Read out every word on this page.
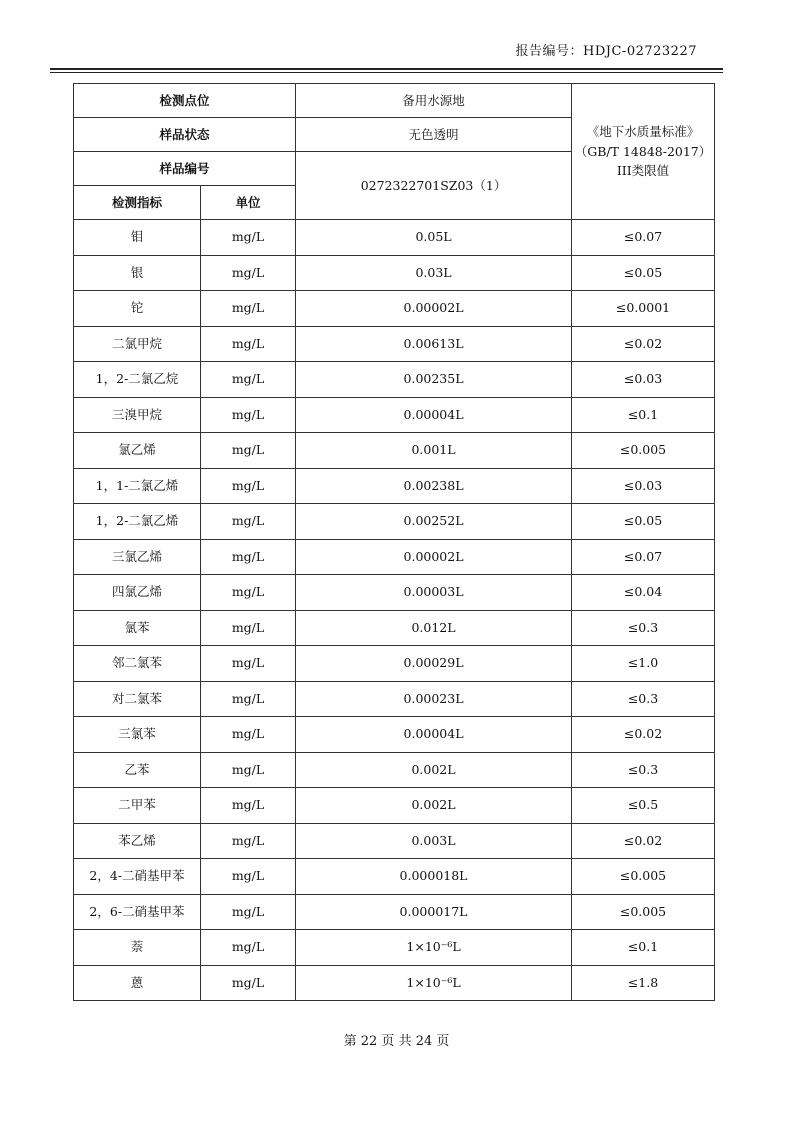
报告编号：HDJC-02723227
检测点位		备用水源地	《地下水质量标准》
（GB/T 14848-2017）
III类限值

样品状态		无色透明	
样品编号		0272322701SZ03（1）	
检测指标	单位		
钼	mg/L	0.05L	≤0.07
银	mg/L	0.03L	≤0.05
铊	mg/L	0.00002L	≤0.0001
二氯甲烷	mg/L	0.00613L	≤0.02
1，2-二氯乙烷	mg/L	0.00235L	≤0.03
三溴甲烷	mg/L	0.00004L	≤0.1
氯乙烯	mg/L	0.001L	≤0.005
1，1-二氯乙烯	mg/L	0.00238L	≤0.03
1，2-二氯乙烯	mg/L	0.00252L	≤0.05
三氯乙烯	mg/L	0.00002L	≤0.07
四氯乙烯	mg/L	0.00003L	≤0.04
氯苯	mg/L	0.012L	≤0.3
邻二氯苯	mg/L	0.00029L	≤1.0
对二氯苯	mg/L	0.00023L	≤0.3
三氯苯	mg/L	0.00004L	≤0.02
乙苯	mg/L	0.002L	≤0.3
二甲苯	mg/L	0.002L	≤0.5
苯乙烯	mg/L	0.003L	≤0.02
2，4-二硝基甲苯	mg/L	0.000018L	≤0.005
2，6-二硝基甲苯	mg/L	0.000017L	≤0.005
萘	mg/L	1×10⁻⁶L	≤0.1
蒽	mg/L	1×10⁻⁶L	≤1.8
第 22 页 共 24 页
